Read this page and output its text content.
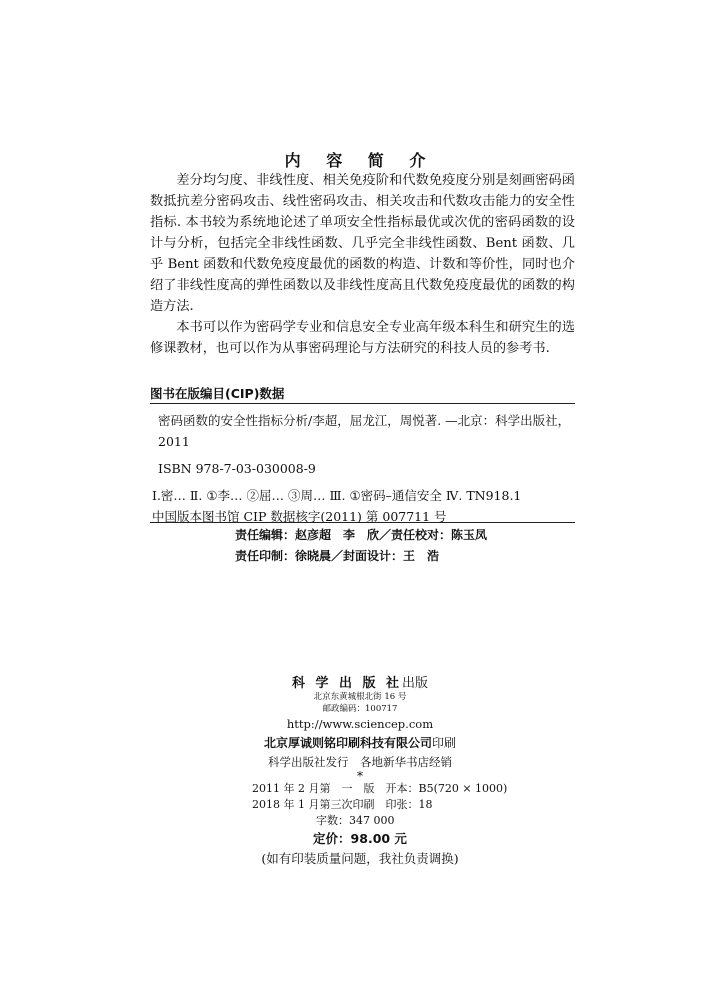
内 容 简 介

差分均匀度、非线性度、相关免疫阶和代数免疫度分别是刻画密码函数抵抗差分密码攻击、线性密码攻击、相关攻击和代数攻击能力的安全性指标. 本书较为系统地论述了单项安全性指标最优或次优的密码函数的设计与分析，包括完全非线性函数、几乎完全非线性函数、Bent 函数、几乎 Bent 函数和代数免疫度最优的函数的构造、计数和等价性，同时也介绍了非线性度高的弹性函数以及非线性度高且代数免疫度最优的函数的构造方法.

本书可以作为密码学专业和信息安全专业高年级本科生和研究生的选修课教材，也可以作为从事密码理论与方法研究的科技人员的参考书.

图书在版编目(CIP)数据

密码函数的安全性指标分析/李超，屈龙江，周悦著. —北京：科学出版社，2011

ISBN 978-7-03-030008-9

Ⅰ.密… Ⅱ. ①李… ②屈… ③周… Ⅲ. ①密码–通信安全 Ⅳ. TN918.1

中国版本图书馆 CIP 数据核字(2011) 第 007711 号

责任编辑：赵彦超　李　欣／责任校对：陈玉凤
责任印制：徐晓晨／封面设计：王　浩

科 学 出 版 社出版

北京东黄城根北街 16 号

邮政编码：100717

http://www.sciencep.com

北京厚诚则铭印刷科技有限公司印刷

科学出版社发行　各地新华书店经销

*

2011 年 2 月第　一　版　开本：B5(720 × 1000)

2018 年 1 月第三次印刷　印张：18

字数：347 000

定价：98.00 元

(如有印装质量问题，我社负责调换)
